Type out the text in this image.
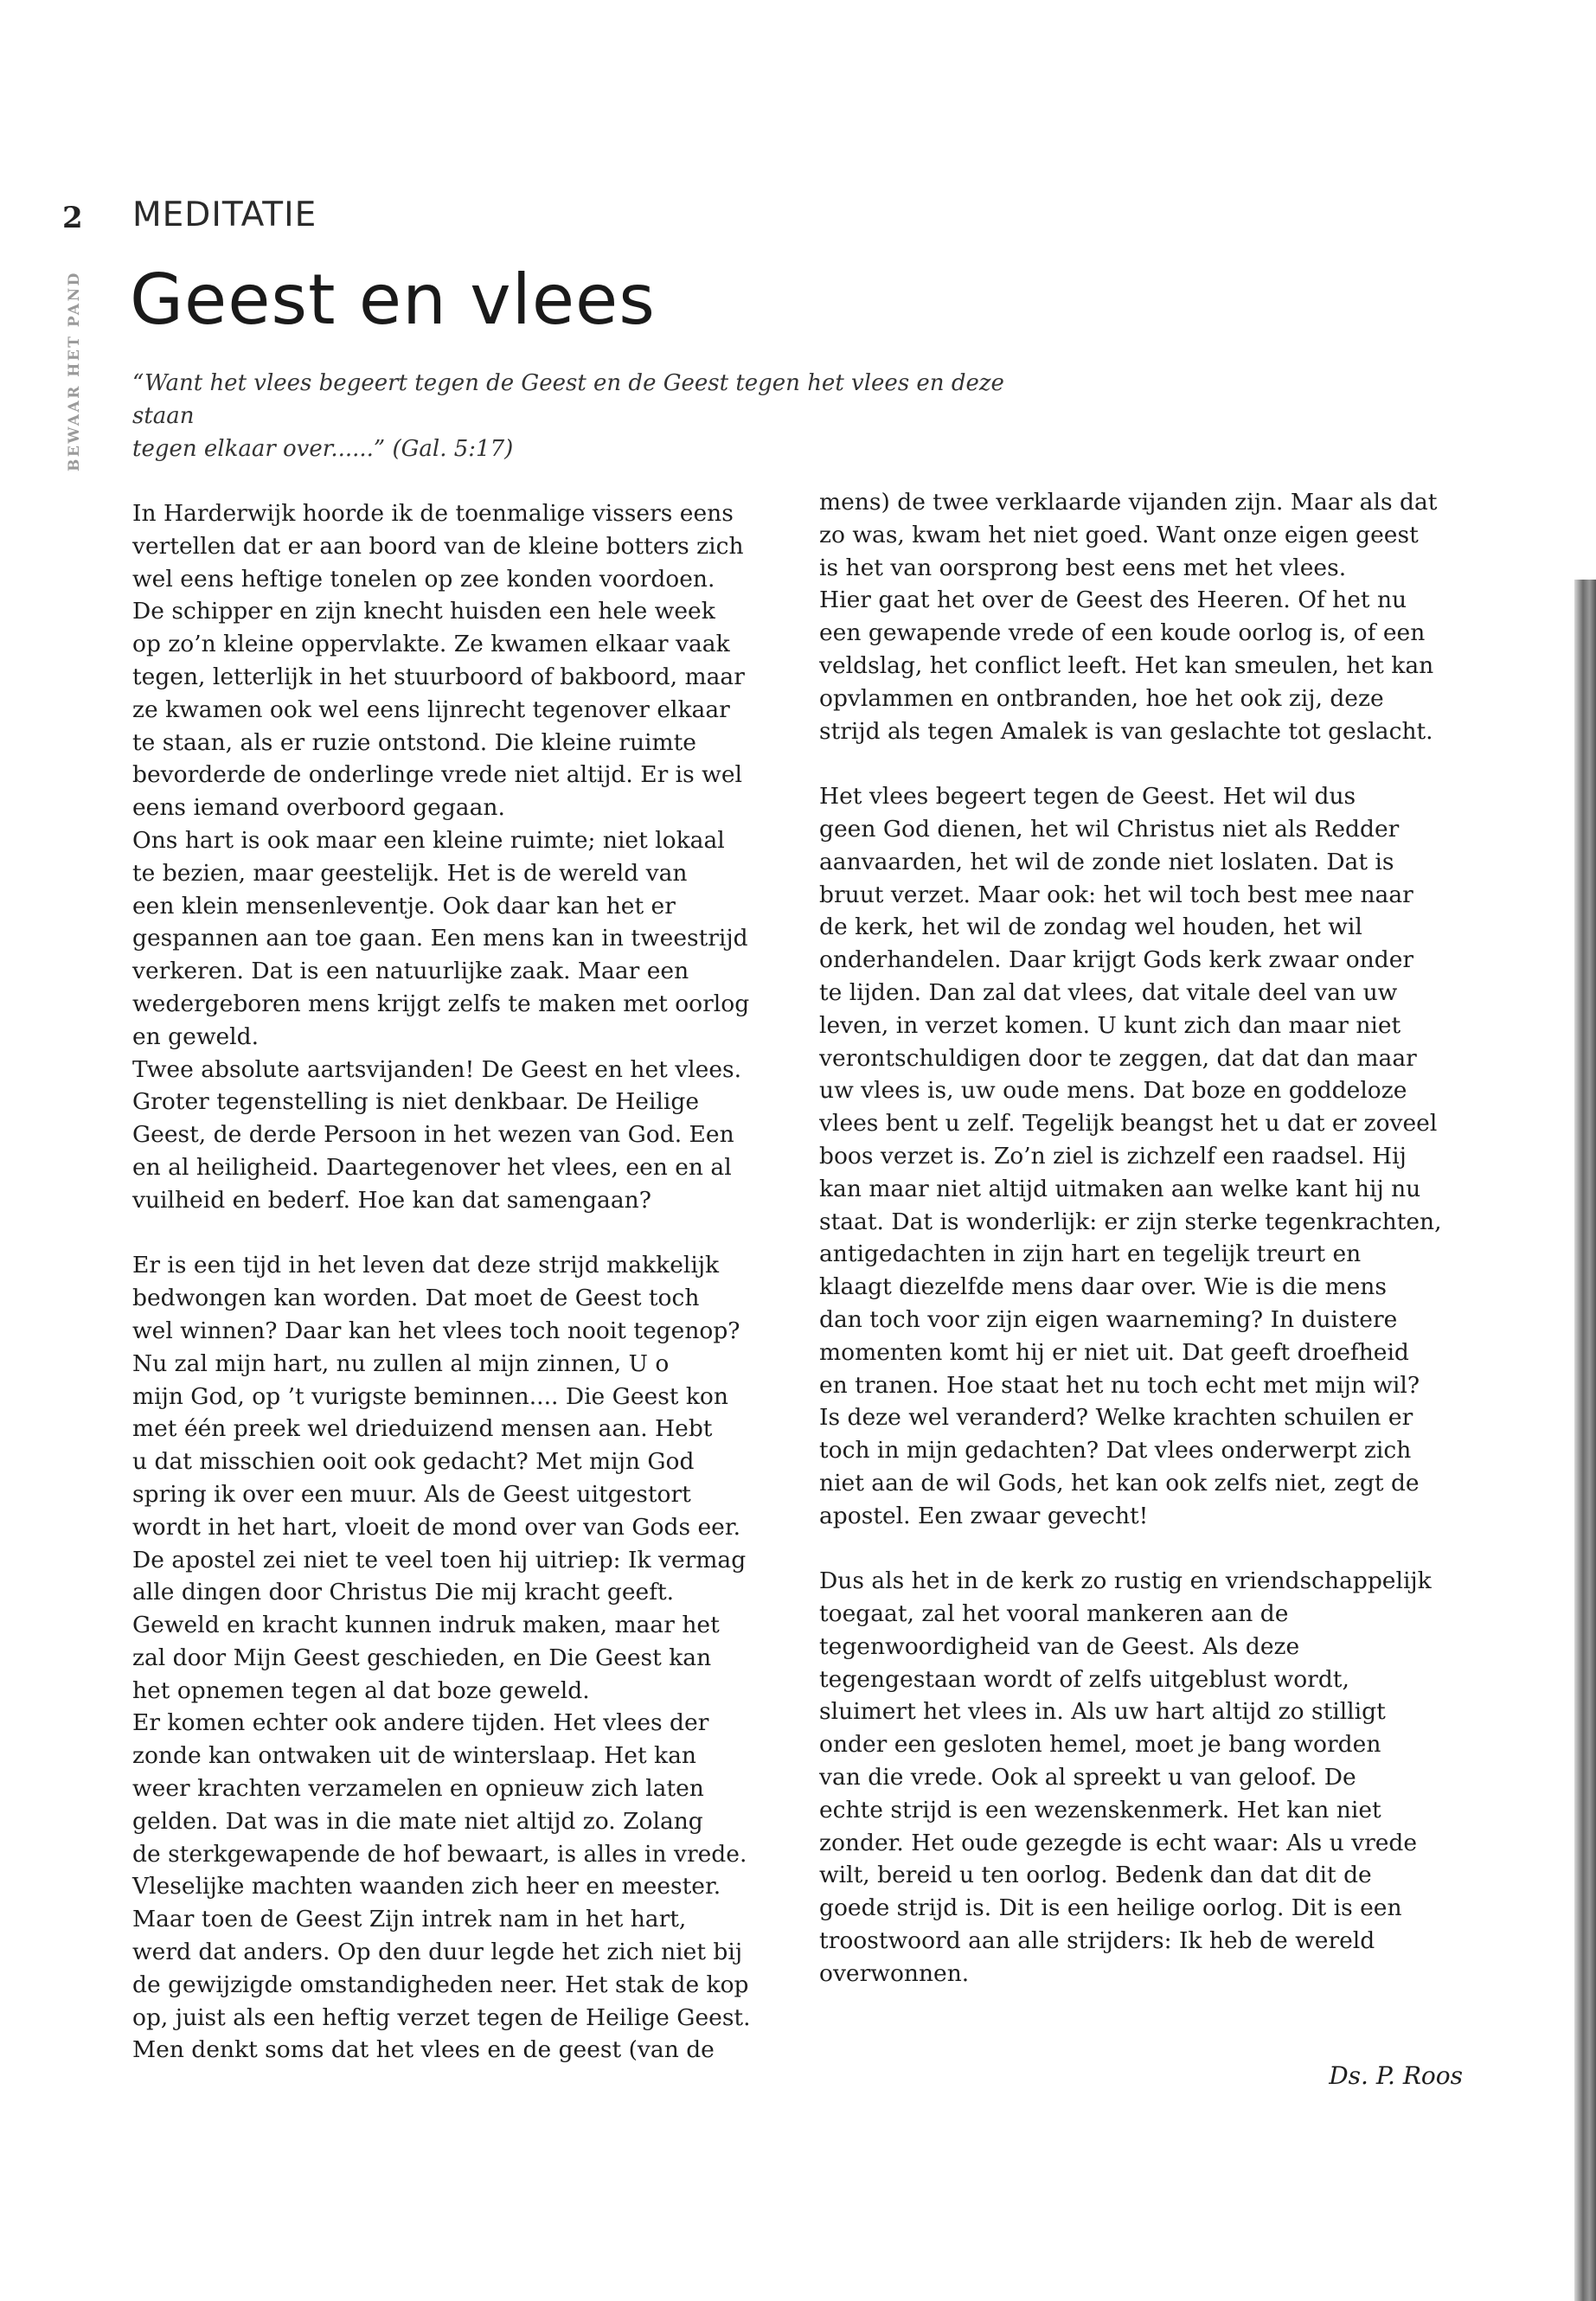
2
BEWAAR HET PAND
MEDITATIE
Geest en vlees
“Want het vlees begeert tegen de Geest en de Geest tegen het vlees en deze staan
tegen elkaar over......” (Gal. 5:17)
In Harderwijk hoorde ik de toenmalige vissers eens
vertellen dat er aan boord van de kleine botters zich
wel eens heftige tonelen op zee konden voordoen.
De schipper en zijn knecht huisden een hele week
op zo’n kleine oppervlakte. Ze kwamen elkaar vaak
tegen, letterlijk in het stuurboord of bakboord, maar
ze kwamen ook wel eens lijnrecht tegenover elkaar
te staan, als er ruzie ontstond. Die kleine ruimte
bevorderde de onderlinge vrede niet altijd. Er is wel
eens iemand overboord gegaan.
Ons hart is ook maar een kleine ruimte; niet lokaal
te bezien, maar geestelijk. Het is de wereld van
een klein mensenleventje. Ook daar kan het er
gespannen aan toe gaan. Een mens kan in tweestrijd
verkeren. Dat is een natuurlijke zaak. Maar een
wedergeboren mens krijgt zelfs te maken met oorlog
en geweld.
Twee absolute aartsvijanden! De Geest en het vlees.
Groter tegenstelling is niet denkbaar. De Heilige
Geest, de derde Persoon in het wezen van God. Een
en al heiligheid. Daartegenover het vlees, een en al
vuilheid en bederf. Hoe kan dat samengaan?
Er is een tijd in het leven dat deze strijd makkelijk
bedwongen kan worden. Dat moet de Geest toch
wel winnen? Daar kan het vlees toch nooit tegenop?
Nu zal mijn hart, nu zullen al mijn zinnen, U o
mijn God, op ’t vurigste beminnen.... Die Geest kon
met één preek wel drieduizend mensen aan. Hebt
u dat misschien ooit ook gedacht? Met mijn God
spring ik over een muur. Als de Geest uitgestort
wordt in het hart, vloeit de mond over van Gods eer.
De apostel zei niet te veel toen hij uitriep: Ik vermag
alle dingen door Christus Die mij kracht geeft.
Geweld en kracht kunnen indruk maken, maar het
zal door Mijn Geest geschieden, en Die Geest kan
het opnemen tegen al dat boze geweld.
Er komen echter ook andere tijden. Het vlees der
zonde kan ontwaken uit de winterslaap. Het kan
weer krachten verzamelen en opnieuw zich laten
gelden. Dat was in die mate niet altijd zo. Zolang
de sterkgewapende de hof bewaart, is alles in vrede.
Vleselijke machten waanden zich heer en meester.
Maar toen de Geest Zijn intrek nam in het hart,
werd dat anders. Op den duur legde het zich niet bij
de gewijzigde omstandigheden neer. Het stak de kop
op, juist als een heftig verzet tegen de Heilige Geest.
Men denkt soms dat het vlees en de geest (van de
mens) de twee verklaarde vijanden zijn. Maar als dat
zo was, kwam het niet goed. Want onze eigen geest
is het van oorsprong best eens met het vlees.
Hier gaat het over de Geest des Heeren. Of het nu
een gewapende vrede of een koude oorlog is, of een
veldslag, het conflict leeft. Het kan smeulen, het kan
opvlammen en ontbranden, hoe het ook zij, deze
strijd als tegen Amalek is van geslachte tot geslacht.
Het vlees begeert tegen de Geest. Het wil dus
geen God dienen, het wil Christus niet als Redder
aanvaarden, het wil de zonde niet loslaten. Dat is
bruut verzet. Maar ook: het wil toch best mee naar
de kerk, het wil de zondag wel houden, het wil
onderhandelen. Daar krijgt Gods kerk zwaar onder
te lijden. Dan zal dat vlees, dat vitale deel van uw
leven, in verzet komen. U kunt zich dan maar niet
verontschuldigen door te zeggen, dat dat dan maar
uw vlees is, uw oude mens. Dat boze en goddeloze
vlees bent u zelf. Tegelijk beangst het u dat er zoveel
boos verzet is. Zo’n ziel is zichzelf een raadsel. Hij
kan maar niet altijd uitmaken aan welke kant hij nu
staat. Dat is wonderlijk: er zijn sterke tegenkrachten,
antigedachten in zijn hart en tegelijk treurt en
klaagt diezelfde mens daar over. Wie is die mens
dan toch voor zijn eigen waarneming? In duistere
momenten komt hij er niet uit. Dat geeft droefheid
en tranen. Hoe staat het nu toch echt met mijn wil?
Is deze wel veranderd? Welke krachten schuilen er
toch in mijn gedachten? Dat vlees onderwerpt zich
niet aan de wil Gods, het kan ook zelfs niet, zegt de
apostel. Een zwaar gevecht!
Dus als het in de kerk zo rustig en vriendschappelijk
toegaat, zal het vooral mankeren aan de
tegenwoordigheid van de Geest. Als deze
tegengestaan wordt of zelfs uitgeblust wordt,
sluimert het vlees in. Als uw hart altijd zo stilligt
onder een gesloten hemel, moet je bang worden
van die vrede. Ook al spreekt u van geloof. De
echte strijd is een wezenskenmerk. Het kan niet
zonder. Het oude gezegde is echt waar: Als u vrede
wilt, bereid u ten oorlog. Bedenk dan dat dit de
goede strijd is. Dit is een heilige oorlog. Dit is een
troostwoord aan alle strijders: Ik heb de wereld
overwonnen.
Ds. P. Roos
